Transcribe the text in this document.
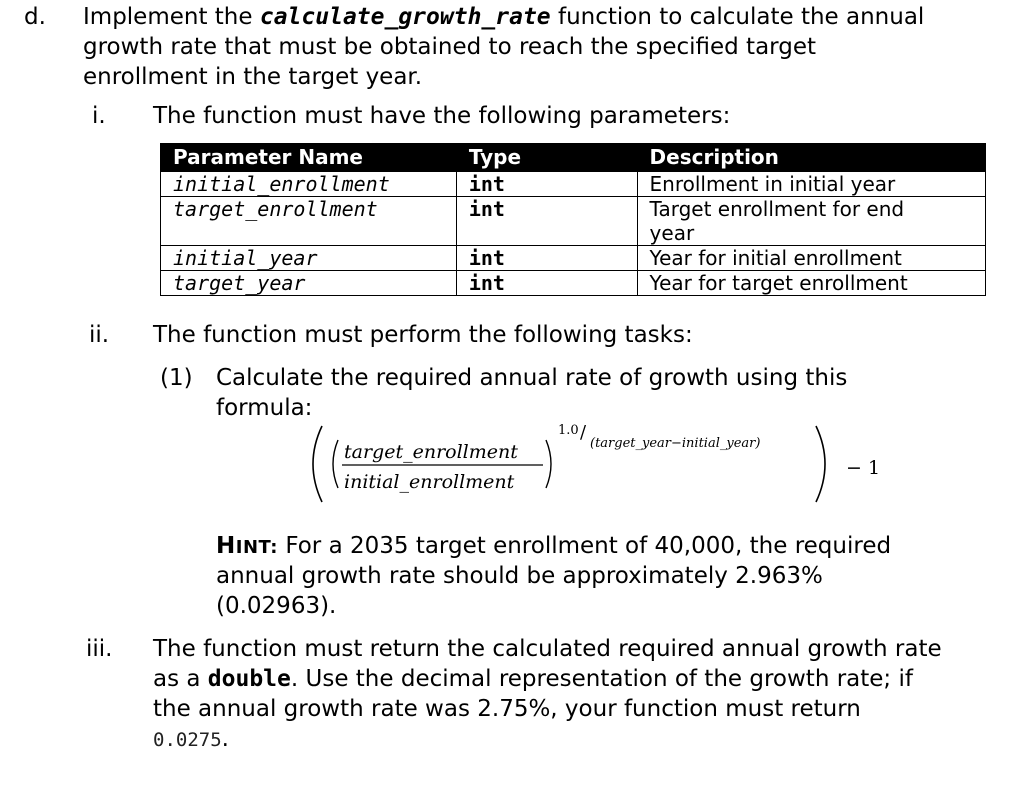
d. Implement the calculate_growth_rate function to calculate the annual
growth rate that must be obtained to reach the specified target
enrollment in the target year.
i. The function must have the following parameters:
Parameter Name	Type	Description
initial_enrollment	int	Enrollment in initial year
target_enrollment	int	Target enrollment for end
year

initial_year	int	Year for initial enrollment
target_year	int	Year for target enrollment
ii. The function must perform the following tasks:
(1) Calculate the required annual rate of growth using this
formula:
target_enrollment
initial_enrollment
1.0 /
(target_year−initial_year)
− 1
HINT: For a 2035 target enrollment of 40,000, the required
annual growth rate should be approximately 2.963%
(0.02963).
iii. The function must return the calculated required annual growth rate
as a double. Use the decimal representation of the growth rate; if
the annual growth rate was 2.75%, your function must return
0.0275.
